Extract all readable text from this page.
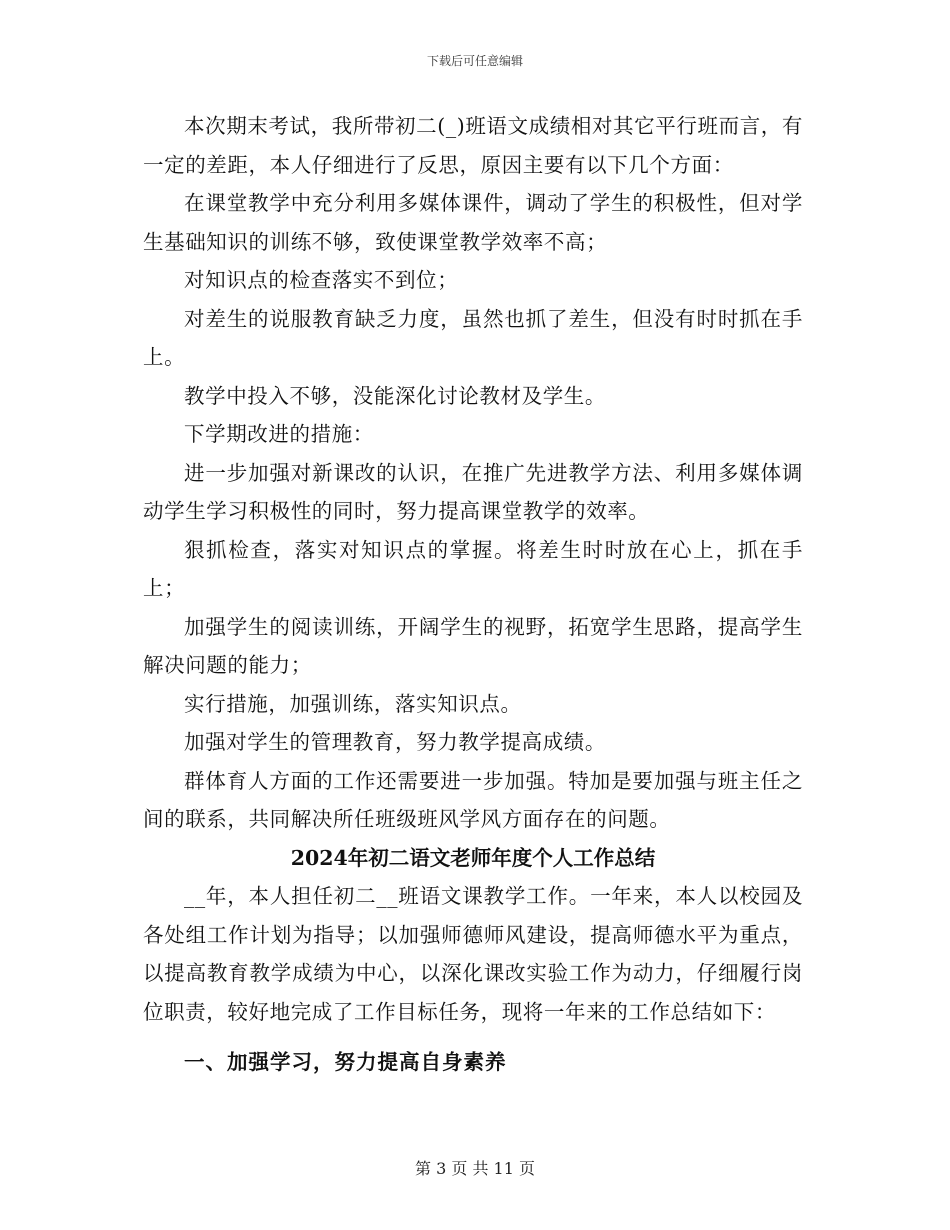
下载后可任意编辑

本次期末考试，我所带初二(_)班语文成绩相对其它平行班而言，有一定的差距，本人仔细进行了反思，原因主要有以下几个方面：

在课堂教学中充分利用多媒体课件，调动了学生的积极性，但对学生基础知识的训练不够，致使课堂教学效率不高；

对知识点的检查落实不到位；

对差生的说服教育缺乏力度，虽然也抓了差生，但没有时时抓在手上。

教学中投入不够，没能深化讨论教材及学生。

下学期改进的措施：

进一步加强对新课改的认识，在推广先进教学方法、利用多媒体调动学生学习积极性的同时，努力提高课堂教学的效率。

狠抓检查，落实对知识点的掌握。将差生时时放在心上，抓在手上；

加强学生的阅读训练，开阔学生的视野，拓宽学生思路，提高学生解决问题的能力；

实行措施，加强训练，落实知识点。

加强对学生的管理教育，努力教学提高成绩。

群体育人方面的工作还需要进一步加强。特加是要加强与班主任之间的联系，共同解决所任班级班风学风方面存在的问题。

2024年初二语文老师年度个人工作总结

__年，本人担任初二__班语文课教学工作。一年来，本人以校园及各处组工作计划为指导；以加强师德师风建设，提高师德水平为重点，以提高教育教学成绩为中心，以深化课改实验工作为动力，仔细履行岗位职责，较好地完成了工作目标任务，现将一年来的工作总结如下：

一、加强学习，努力提高自身素养

第 3 页 共 11 页
